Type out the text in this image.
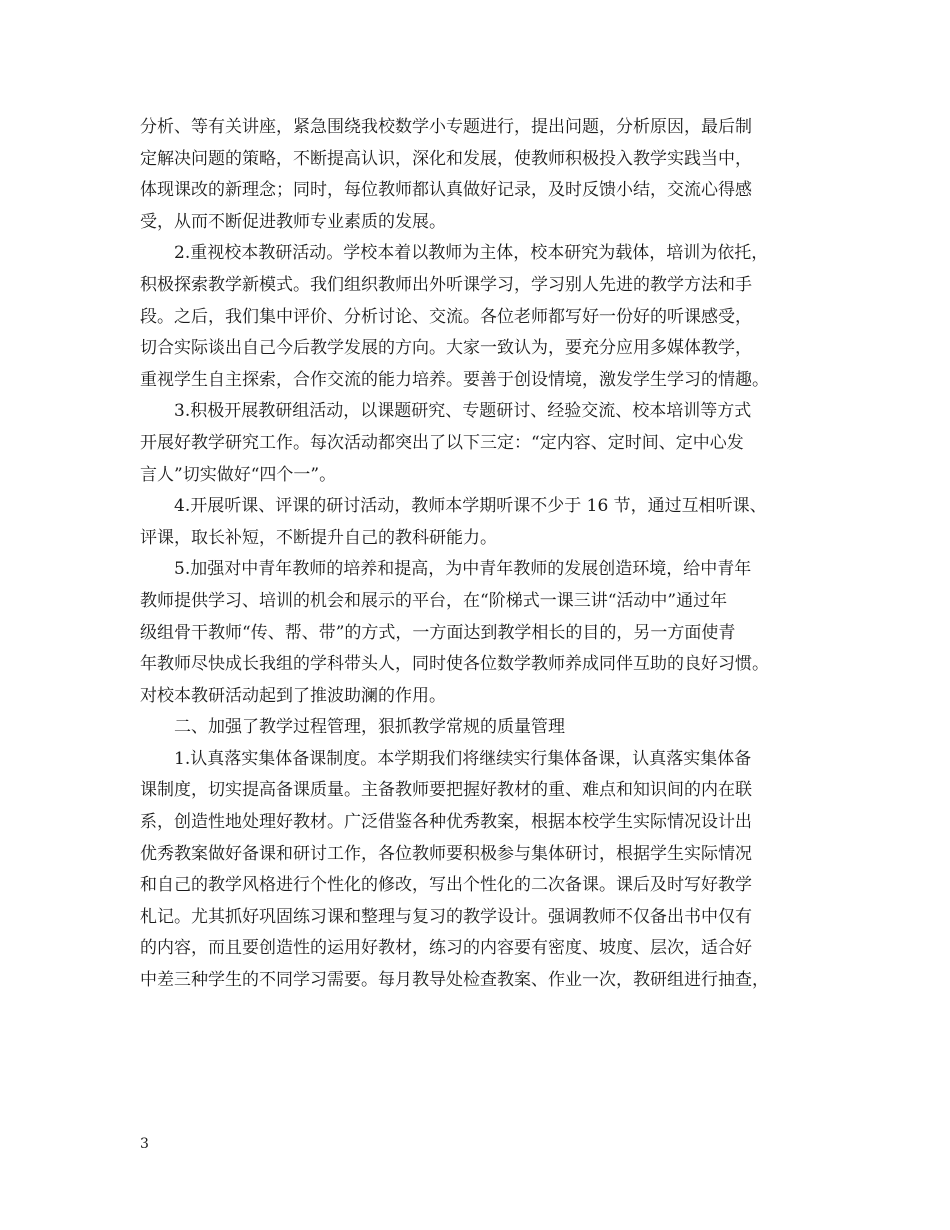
分析、等有关讲座，紧急围绕我校数学小专题进行，提出问题，分析原因，最后制
定解决问题的策略，不断提高认识，深化和发展，使教师积极投入教学实践当中，
体现课改的新理念；同时，每位教师都认真做好记录，及时反馈小结，交流心得感
受，从而不断促进教师专业素质的发展。
2.重视校本教研活动。学校本着以教师为主体，校本研究为载体，培训为依托，
积极探索教学新模式。我们组织教师出外听课学习，学习别人先进的教学方法和手
段。之后，我们集中评价、分析讨论、交流。各位老师都写好一份好的听课感受，
切合实际谈出自己今后教学发展的方向。大家一致认为，要充分应用多媒体教学，
重视学生自主探索，合作交流的能力培养。要善于创设情境，激发学生学习的情趣。
3.积极开展教研组活动，以课题研究、专题研讨、经验交流、校本培训等方式
开展好教学研究工作。每次活动都突出了以下三定：“定内容、定时间、定中心发
言人”切实做好“四个一”。
4.开展听课、评课的研讨活动，教师本学期听课不少于 16 节，通过互相听课、
评课，取长补短，不断提升自己的教科研能力。
5.加强对中青年教师的培养和提高，为中青年教师的发展创造环境，给中青年
教师提供学习、培训的机会和展示的平台，在“阶梯式一课三讲“活动中”通过年
级组骨干教师“传、帮、带”的方式，一方面达到教学相长的目的，另一方面使青
年教师尽快成长我组的学科带头人，同时使各位数学教师养成同伴互助的良好习惯。
对校本教研活动起到了推波助澜的作用。
二、加强了教学过程管理，狠抓教学常规的质量管理
1.认真落实集体备课制度。本学期我们将继续实行集体备课，认真落实集体备
课制度，切实提高备课质量。主备教师要把握好教材的重、难点和知识间的内在联
系，创造性地处理好教材。广泛借鉴各种优秀教案，根据本校学生实际情况设计出
优秀教案做好备课和研讨工作，各位教师要积极参与集体研讨，根据学生实际情况
和自己的教学风格进行个性化的修改，写出个性化的二次备课。课后及时写好教学
札记。尤其抓好巩固练习课和整理与复习的教学设计。强调教师不仅备出书中仅有
的内容，而且要创造性的运用好教材，练习的内容要有密度、坡度、层次，适合好
中差三种学生的不同学习需要。每月教导处检查教案、作业一次，教研组进行抽查，
3
